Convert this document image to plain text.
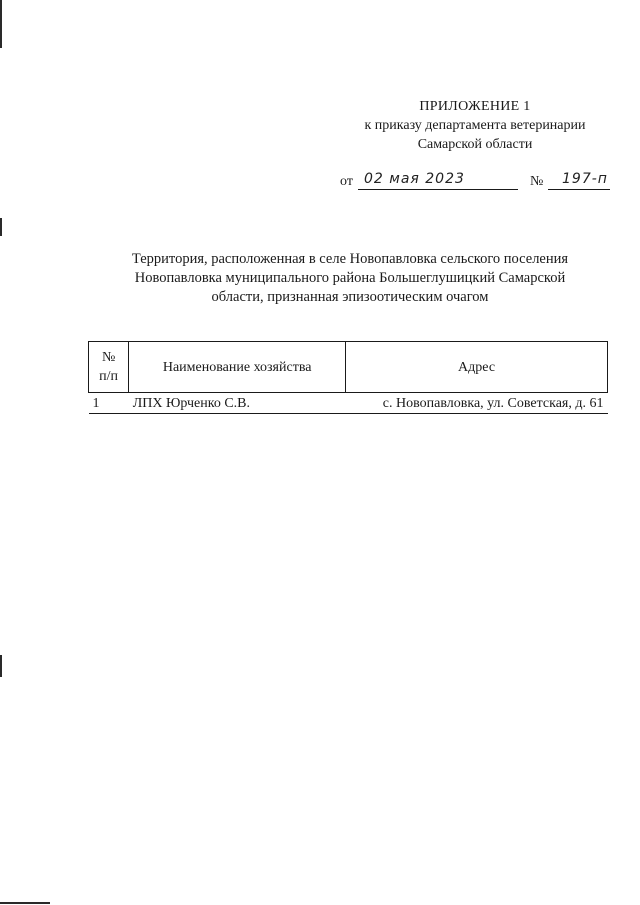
ПРИЛОЖЕНИЕ 1
к приказу департамента ветеринарии
Самарской области
от 02 мая 2023	№ 197-п
Территория, расположенная в селе Новопавловка сельского поселения
Новопавловка муниципального района Большеглушицкий Самарской
области, признанная эпизоотическим очагом
№
п/п	Наименование хозяйства	Адрес
1	ЛПХ Юрченко С.В.	с. Новопавловка, ул. Советская, д. 61
